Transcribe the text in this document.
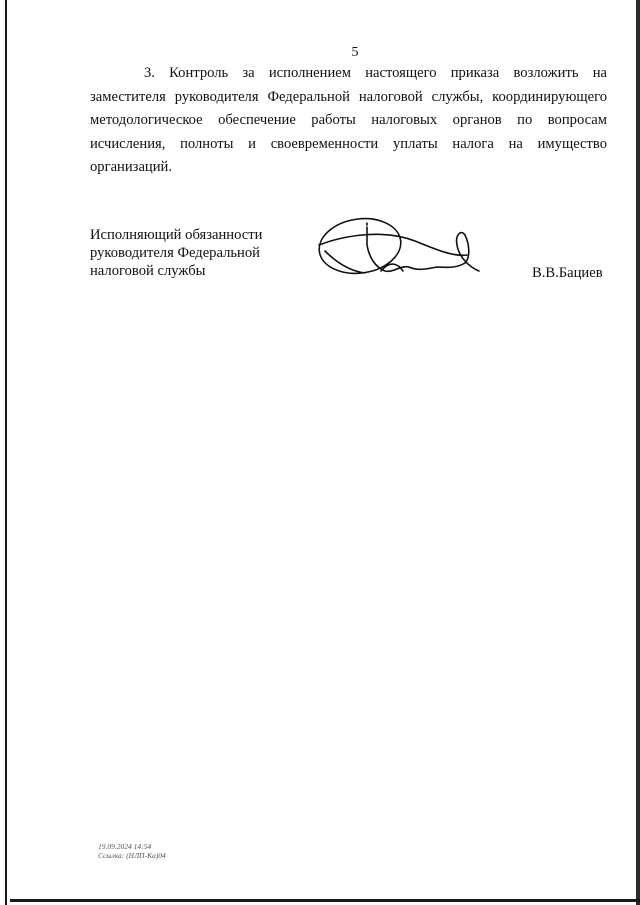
5

3. Контроль за исполнением настоящего приказа возложить на заместителя руководителя Федеральной налоговой службы, координирующего методологическое обеспечение работы налоговых органов по вопросам исчисления, полноты и своевременности уплаты налога на имущество организаций.

Исполняющий обязанности
руководителя Федеральной
налоговой службы	В.В.Бациев
19.09.2024 14:54
Ссылка: (НЛП-Ка)04
